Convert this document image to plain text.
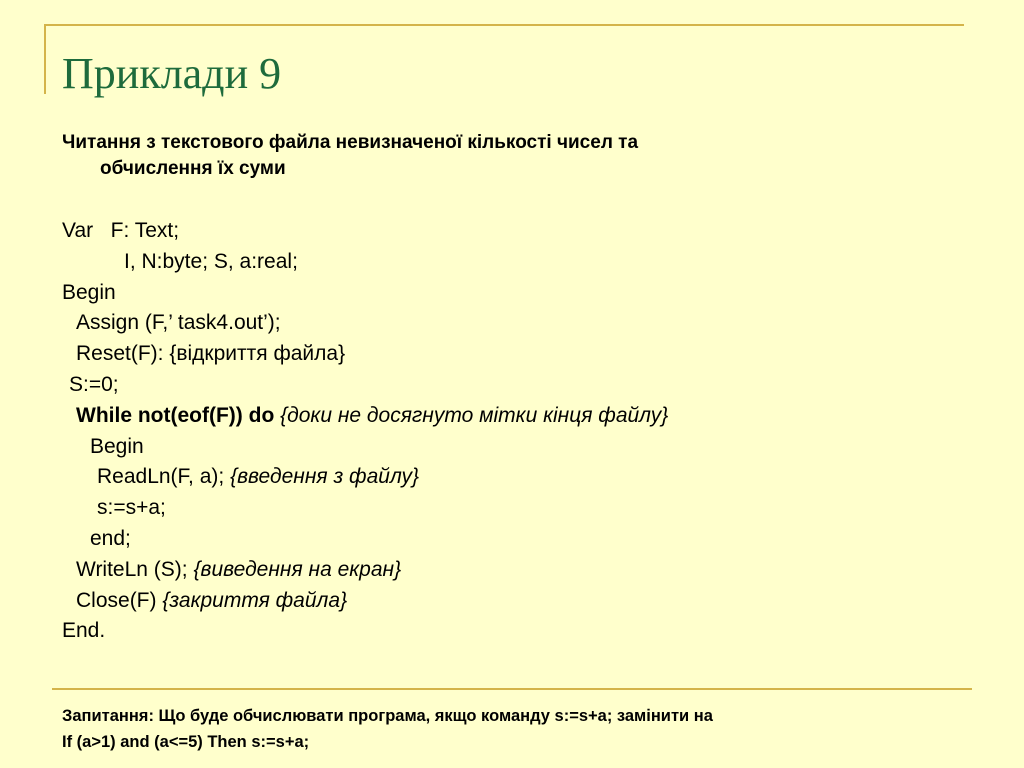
Приклади 9
Читання з текстового файла невизначеної кількості чисел та
обчислення їх суми
Var   F: Text;
I, N:byte; S, a:real;
Begin
Assign (F,’ task4.out’);
Reset(F): {відкриття файла}
S:=0;
While not(eof(F)) do {доки не досягнуто мітки кінця файлу}
Begin
ReadLn(F, a); {введення з файлу}
s:=s+a;
end;
WriteLn (S); {виведення на екран}
Close(F) {закриття файла}
End.
Запитання: Що буде обчислювати програма, якщо команду s:=s+a; замінити на
If (a>1) and (a<=5) Then s:=s+a;
